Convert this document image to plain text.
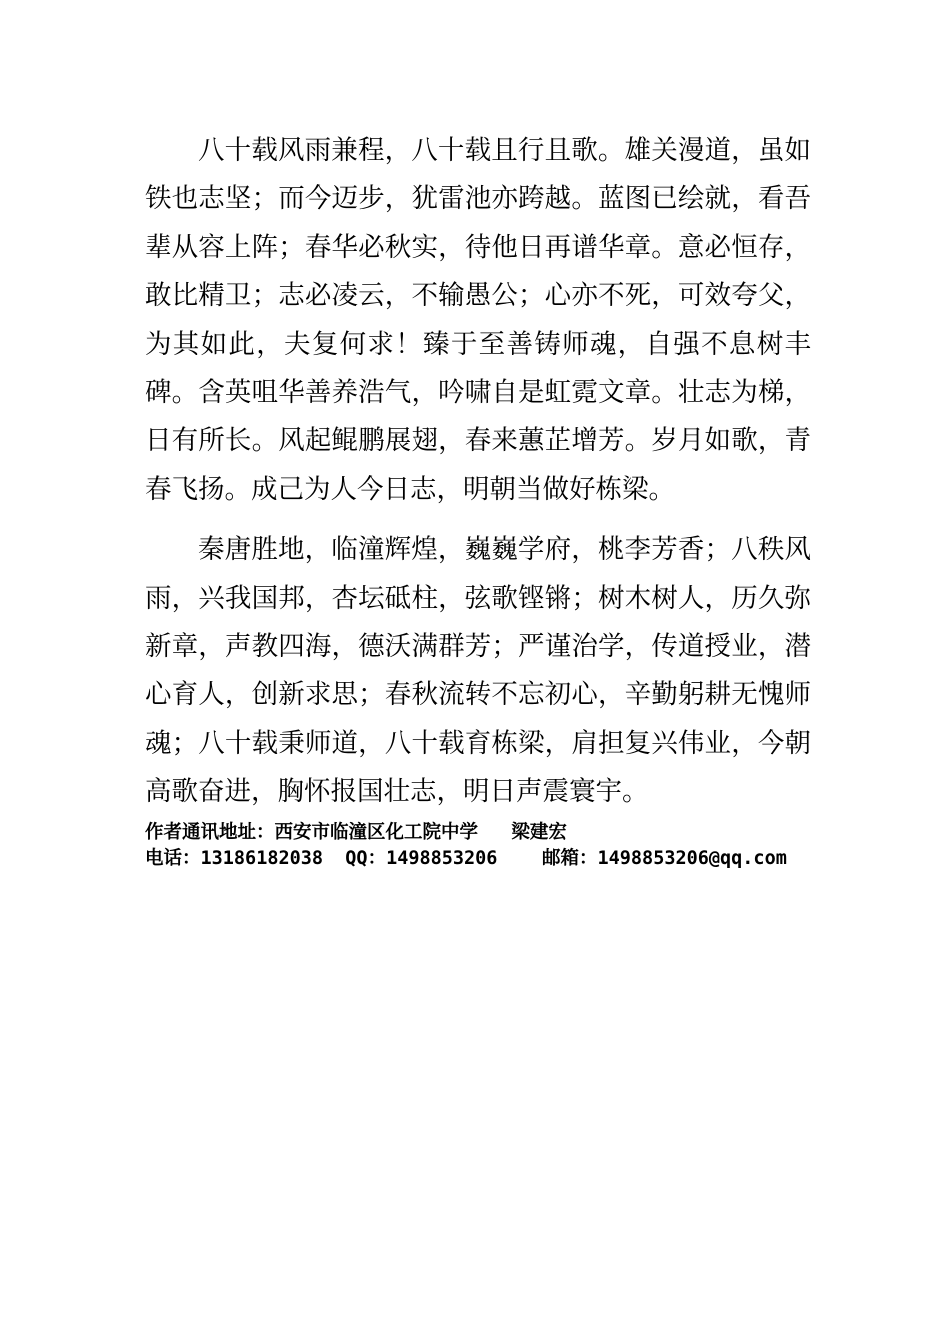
八十载风雨兼程，八十载且行且歌。雄关漫道，虽如铁也志坚；而今迈步，犹雷池亦跨越。蓝图已绘就，看吾辈从容上阵；春华必秋实，待他日再谱华章。意必恒存，敢比精卫；志必凌云，不输愚公；心亦不死，可效夸父，为其如此，夫复何求！臻于至善铸师魂，自强不息树丰碑。含英咀华善养浩气，吟啸自是虹霓文章。壮志为梯，日有所长。风起鲲鹏展翅，春来蕙芷增芳。岁月如歌，青春飞扬。成己为人今日志，明朝当做好栋梁。

秦唐胜地，临潼辉煌，巍巍学府，桃李芳香；八秩风雨，兴我国邦，杏坛砥柱，弦歌铿锵；树木树人，历久弥新章，声教四海，德沃满群芳；严谨治学，传道授业，潜心育人，创新求思；春秋流转不忘初心，辛勤躬耕无愧师魂；八十载秉师道，八十载育栋梁，肩担复兴伟业，今朝高歌奋进，胸怀报国壮志，明日声震寰宇。

作者通讯地址：西安市临潼区化工院中学   梁建宏
电话：13186182038  QQ：1498853206    邮箱：1498853206@qq.com
